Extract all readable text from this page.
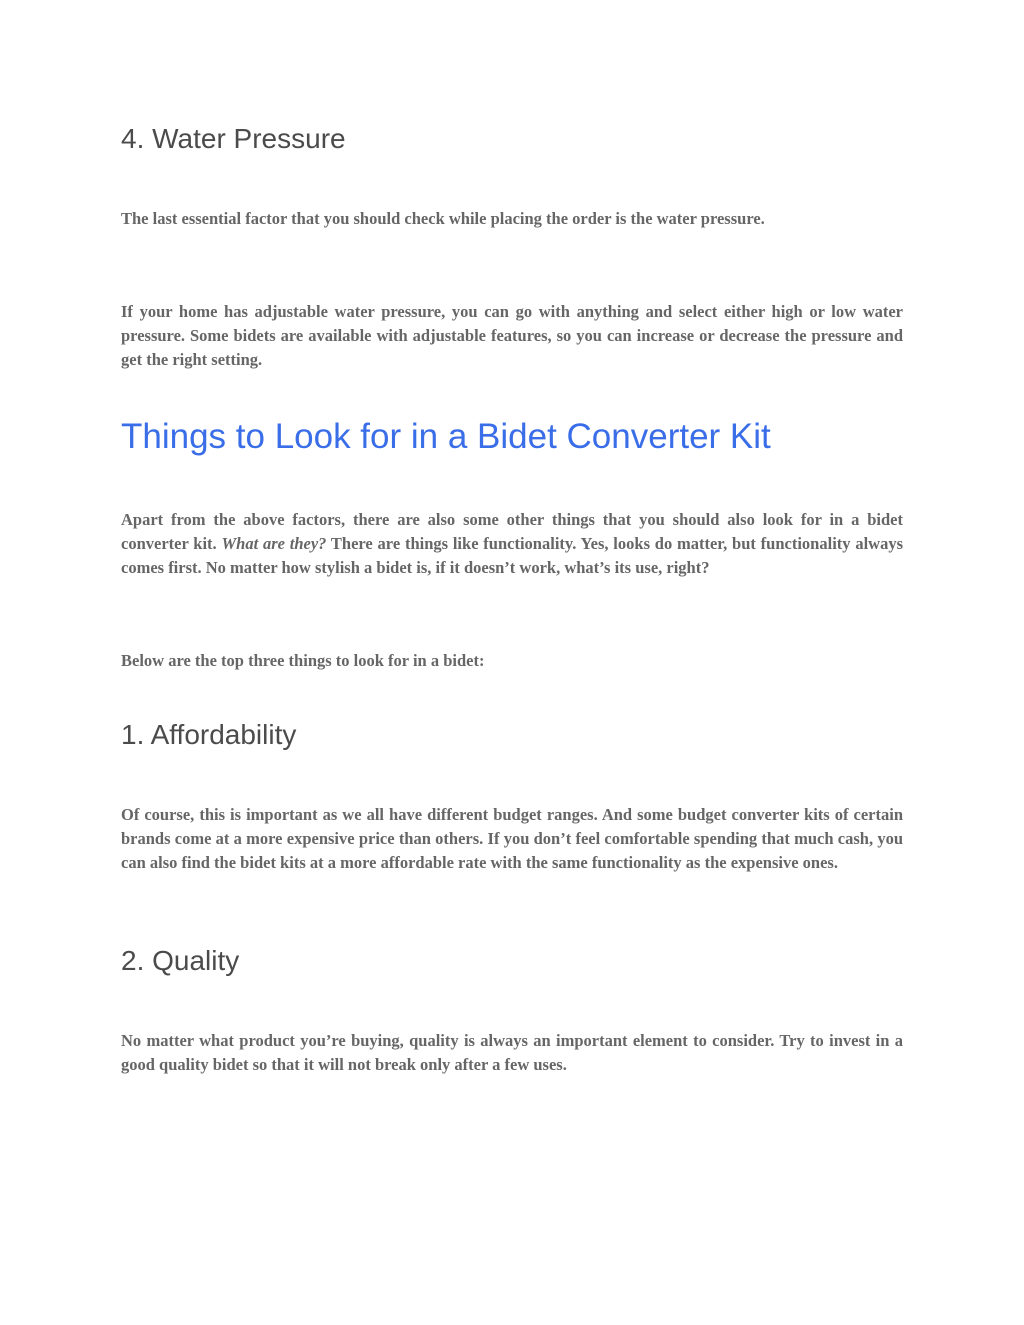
4. Water Pressure

The last essential factor that you should check while placing the order is the water pressure.

If your home has adjustable water pressure, you can go with anything and select either high or low water pressure. Some bidets are available with adjustable features, so you can increase or decrease the pressure and get the right setting.

Things to Look for in a Bidet Converter Kit

Apart from the above factors, there are also some other things that you should also look for in a bidet converter kit. What are they? There are things like functionality. Yes, looks do matter, but functionality always comes first. No matter how stylish a bidet is, if it doesn’t work, what’s its use, right?

Below are the top three things to look for in a bidet:

1. Affordability

Of course, this is important as we all have different budget ranges. And some budget converter kits of certain brands come at a more expensive price than others. If you don’t feel comfortable spending that much cash, you can also find the bidet kits at a more affordable rate with the same functionality as the expensive ones.

2. Quality

No matter what product you’re buying, quality is always an important element to consider. Try to invest in a good quality bidet so that it will not break only after a few uses.
